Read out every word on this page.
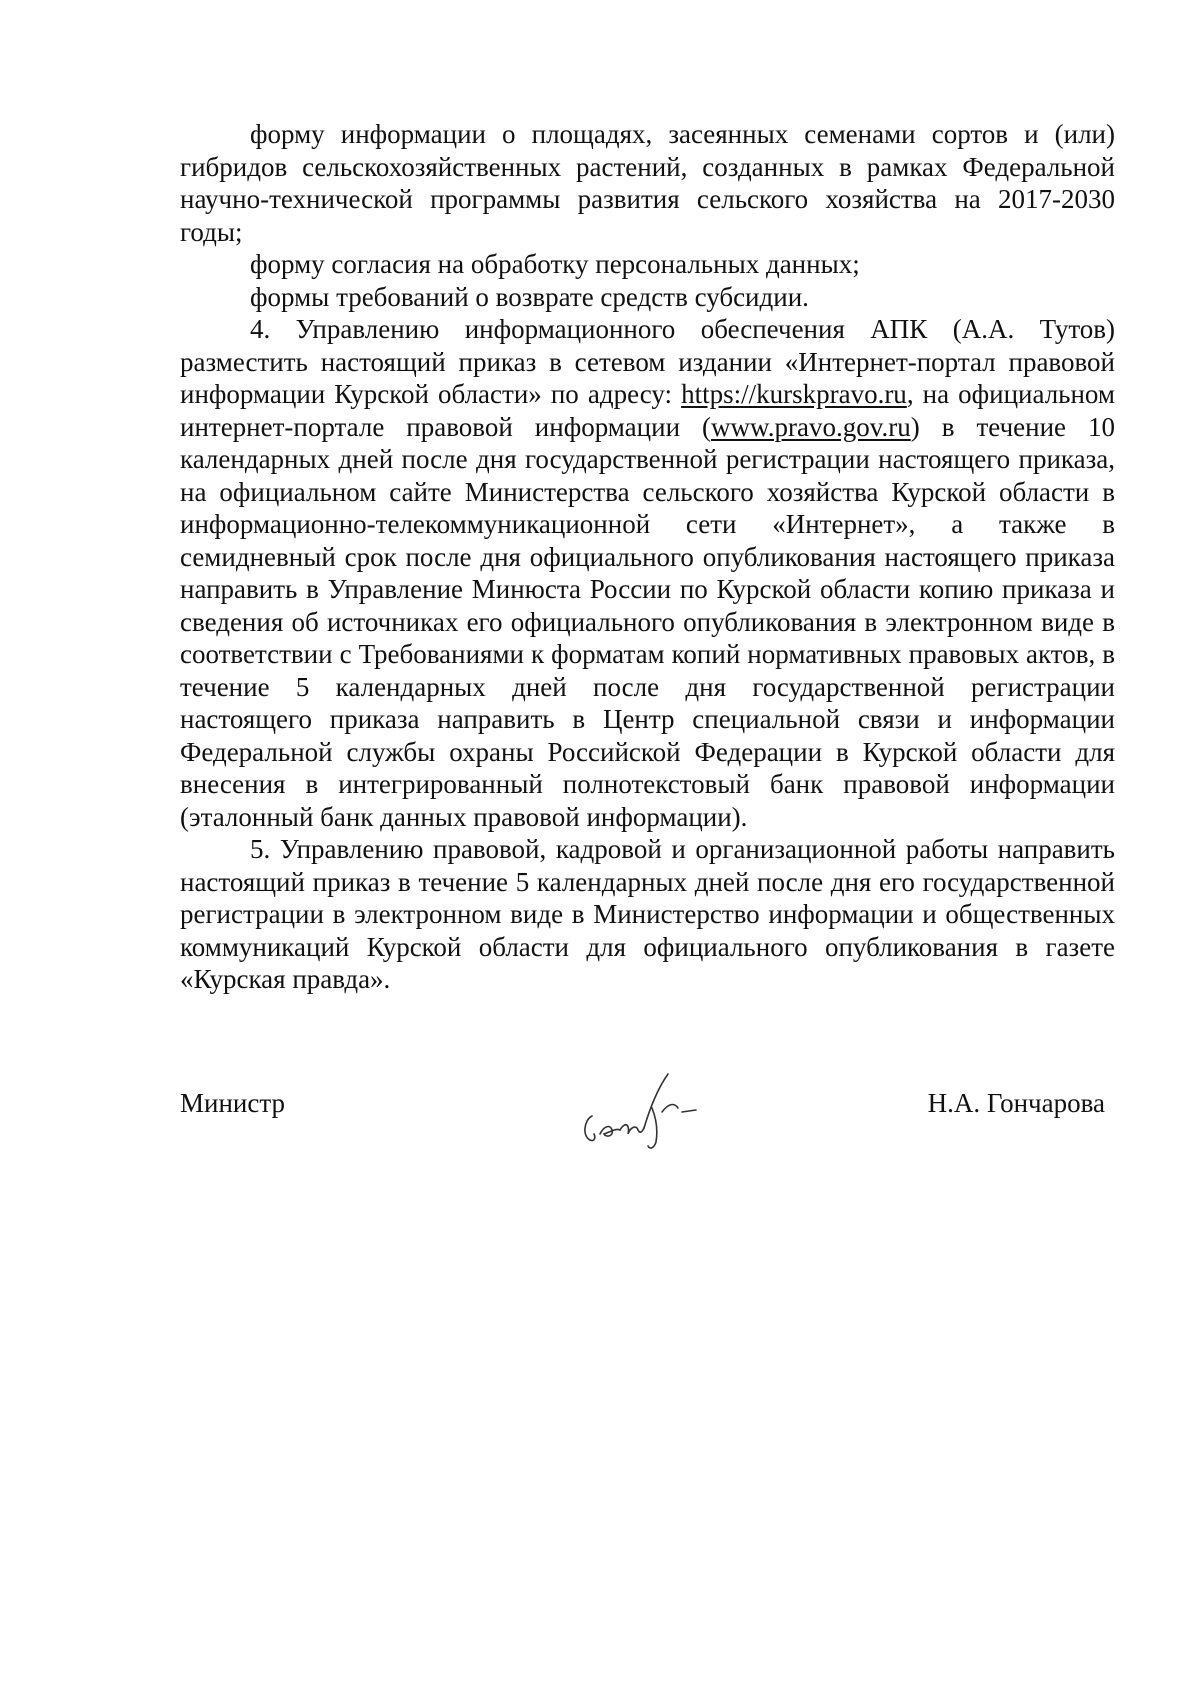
форму информации о площадях, засеянных семенами сортов и (или) гибридов сельскохозяйственных растений, созданных в рамках Федеральной научно-технической программы развития сельского хозяйства на 2017-2030 годы;

форму согласия на обработку персональных данных;

формы требований о возврате средств субсидии.

4. Управлению информационного обеспечения АПК (А.А. Тутов) разместить настоящий приказ в сетевом издании «Интернет-портал правовой информации Курской области» по адресу: https://kurskpravo.ru, на официальном интернет-портале правовой информации (www.pravo.gov.ru) в течение 10 календарных дней после дня государственной регистрации настоящего приказа, на официальном сайте Министерства сельского хозяйства Курской области в информационно-телекоммуникационной сети «Интернет», а также в семидневный срок после дня официального опубликования настоящего приказа направить в Управление Минюста России по Курской области копию приказа и сведения об источниках его официального опубликования в электронном виде в соответствии с Требованиями к форматам копий нормативных правовых актов, в течение 5 календарных дней после дня государственной регистрации настоящего приказа направить в Центр специальной связи и информации Федеральной службы охраны Российской Федерации в Курской области для внесения в интегрированный полнотекстовый банк правовой информации (эталонный банк данных правовой информации).

5. Управлению правовой, кадровой и организационной работы направить настоящий приказ в течение 5 календарных дней после дня его государственной регистрации в электронном виде в Министерство информации и общественных коммуникаций Курской области для официального опубликования в газете «Курская правда».

Министр	Н.А. Гончарова
